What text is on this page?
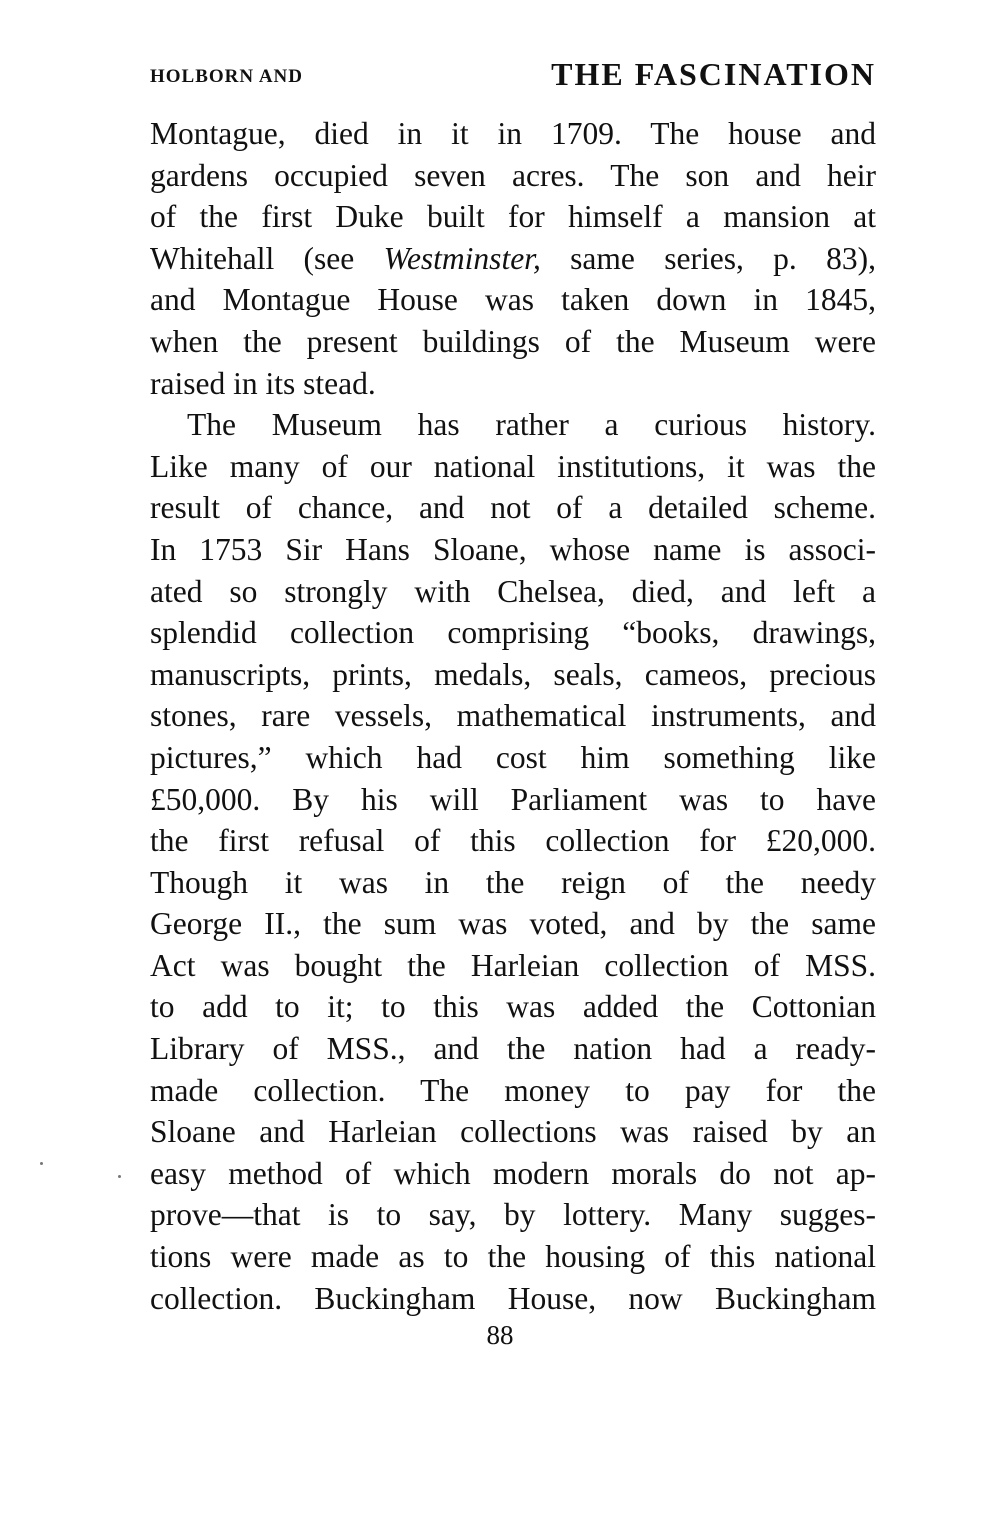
HOLBORN AND	THE FASCINATION
Montague, died in it in 1709. The house and
gardens occupied seven acres. The son and heir
of the first Duke built for himself a mansion at
Whitehall (see Westminster, same series, p. 83),
and Montague House was taken down in 1845,
when the present buildings of the Museum were
raised in its stead.
The Museum has rather a curious history.
Like many of our national institutions, it was the
result of chance, and not of a detailed scheme.
In 1753 Sir Hans Sloane, whose name is associ-
ated so strongly with Chelsea, died, and left a
splendid collection comprising “books, drawings,
manuscripts, prints, medals, seals, cameos, precious
stones, rare vessels, mathematical instruments, and
pictures,” which had cost him something like
£50,000. By his will Parliament was to have
the first refusal of this collection for £20,000.
Though it was in the reign of the needy
George II., the sum was voted, and by the same
Act was bought the Harleian collection of MSS.
to add to it; to this was added the Cottonian
Library of MSS., and the nation had a ready-
made collection. The money to pay for the
Sloane and Harleian collections was raised by an
easy method of which modern morals do not ap-
prove—that is to say, by lottery. Many sugges-
tions were made as to the housing of this national
collection. Buckingham House, now Buckingham
88
